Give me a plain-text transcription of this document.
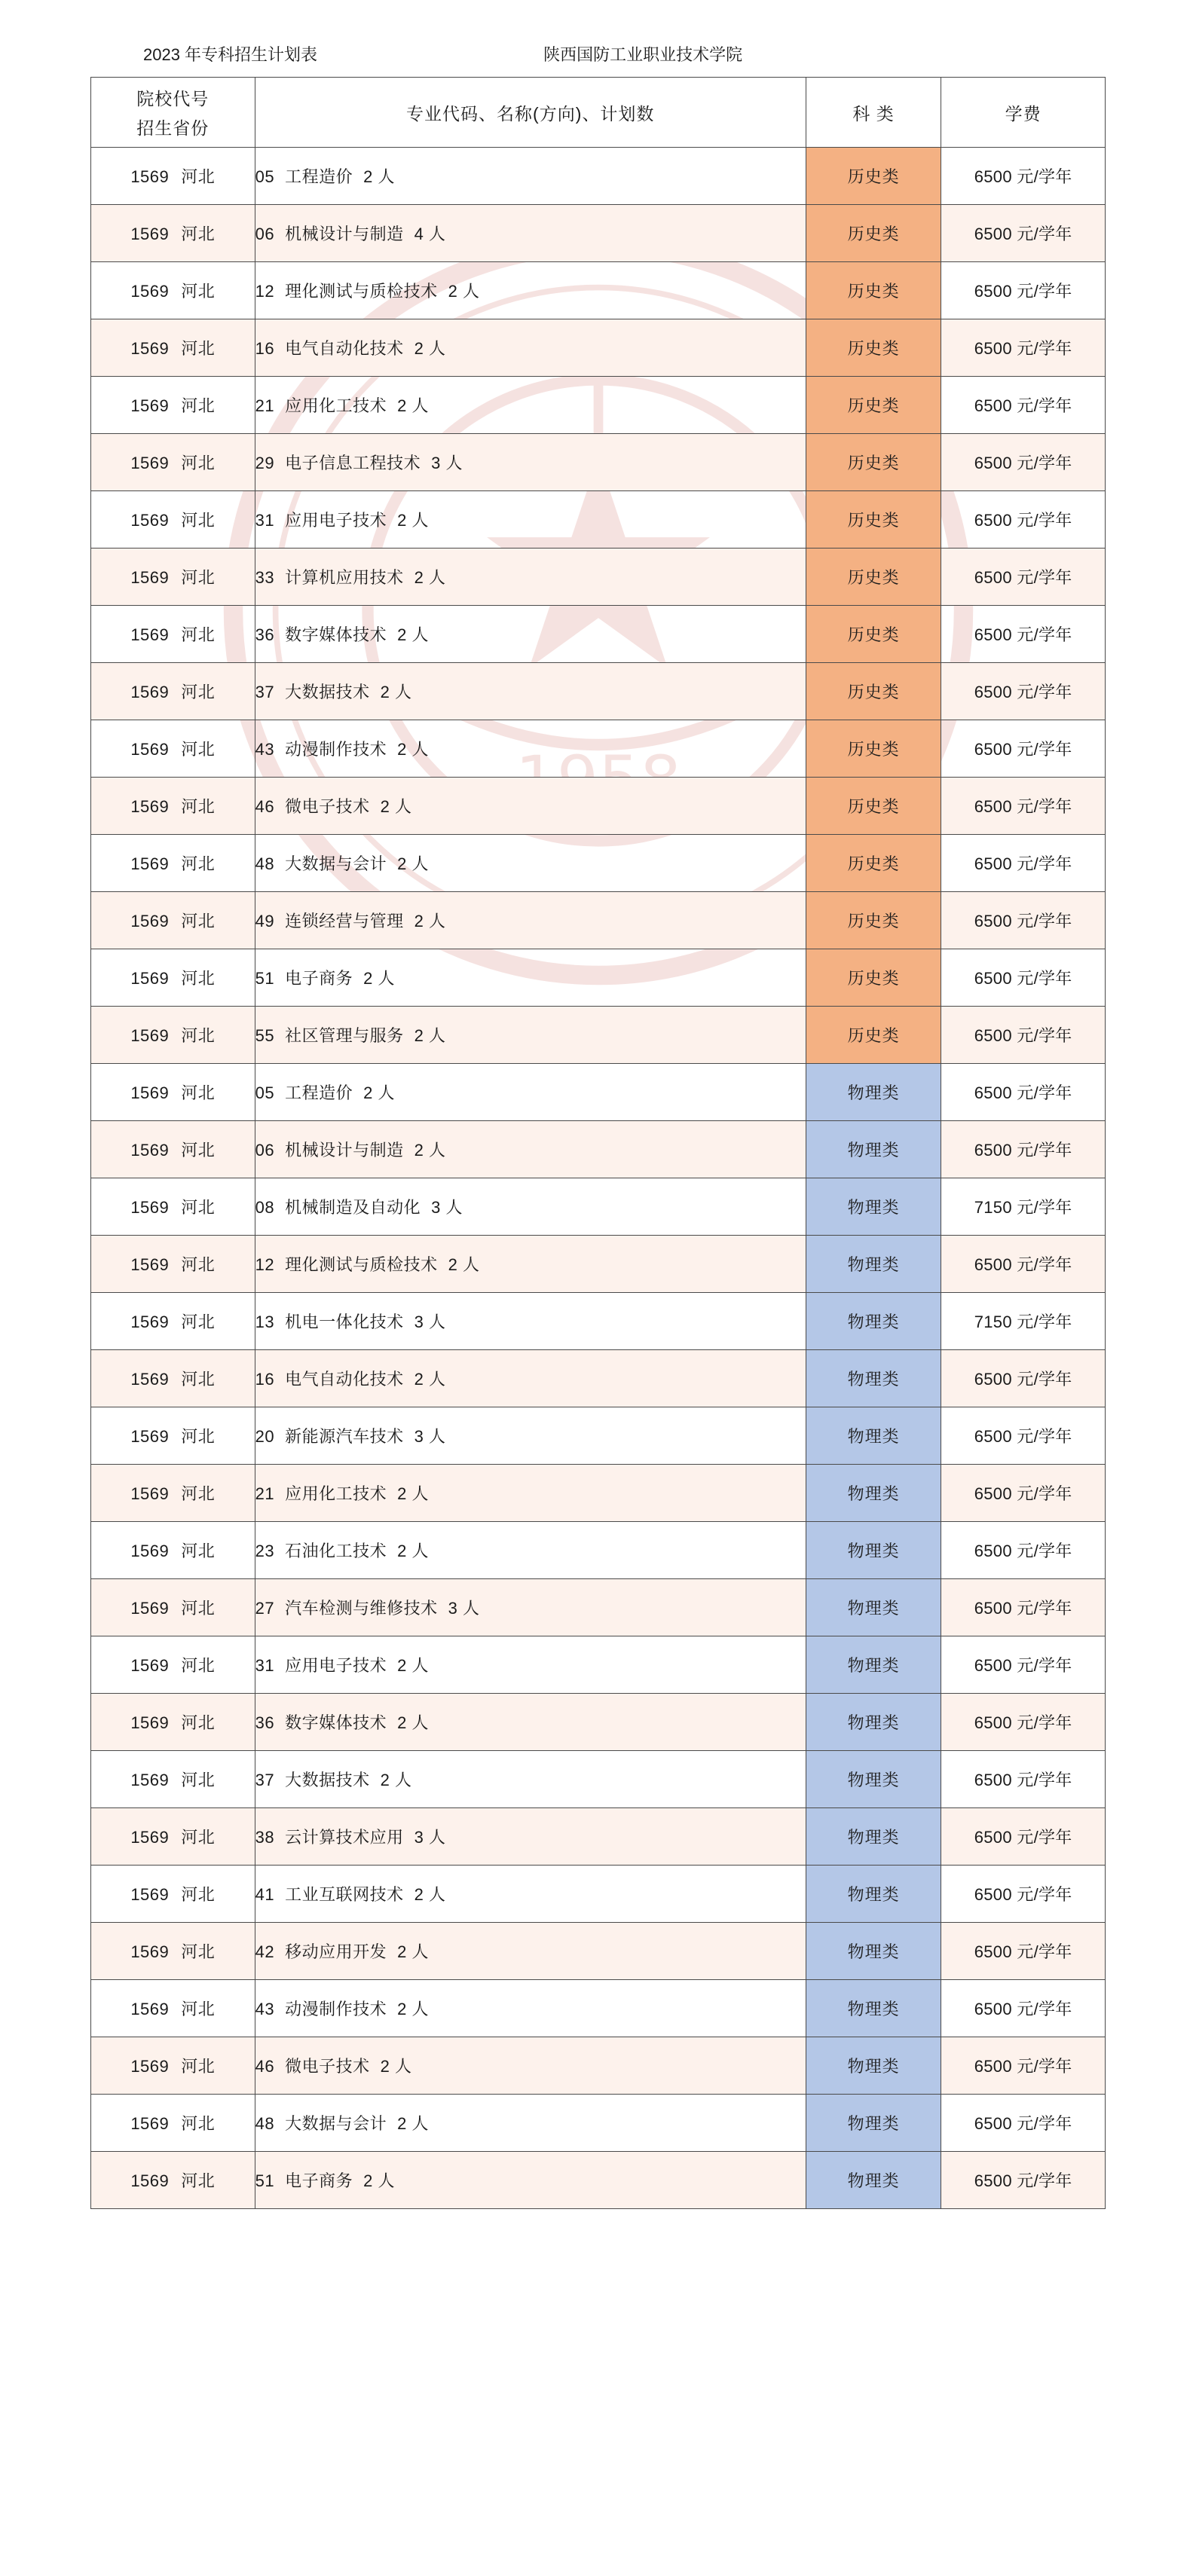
2023 年专科招生计划表	陕西国防工业职业技术学院
院校代号
招生省份	专业代码、名称(方向)、计划数	科 类	学费

1569 河北	05 工程造价 2 人	历史类	6500 元/学年
1569 河北	06 机械设计与制造 4 人	历史类	6500 元/学年
1569 河北	12 理化测试与质检技术 2 人	历史类	6500 元/学年
1569 河北	16 电气自动化技术 2 人	历史类	6500 元/学年
1569 河北	21 应用化工技术 2 人	历史类	6500 元/学年
1569 河北	29 电子信息工程技术 3 人	历史类	6500 元/学年
1569 河北	31 应用电子技术 2 人	历史类	6500 元/学年
1569 河北	33 计算机应用技术 2 人	历史类	6500 元/学年
1569 河北	36 数字媒体技术 2 人	历史类	6500 元/学年
1569 河北	37 大数据技术 2 人	历史类	6500 元/学年
1569 河北	43 动漫制作技术 2 人	历史类	6500 元/学年
1569 河北	46 微电子技术 2 人	历史类	6500 元/学年
1569 河北	48 大数据与会计 2 人	历史类	6500 元/学年
1569 河北	49 连锁经营与管理 2 人	历史类	6500 元/学年
1569 河北	51 电子商务 2 人	历史类	6500 元/学年
1569 河北	55 社区管理与服务 2 人	历史类	6500 元/学年
1569 河北	05 工程造价 2 人	物理类	6500 元/学年
1569 河北	06 机械设计与制造 2 人	物理类	6500 元/学年
1569 河北	08 机械制造及自动化 3 人	物理类	7150 元/学年
1569 河北	12 理化测试与质检技术 2 人	物理类	6500 元/学年
1569 河北	13 机电一体化技术 3 人	物理类	7150 元/学年
1569 河北	16 电气自动化技术 2 人	物理类	6500 元/学年
1569 河北	20 新能源汽车技术 3 人	物理类	6500 元/学年
1569 河北	21 应用化工技术 2 人	物理类	6500 元/学年
1569 河北	23 石油化工技术 2 人	物理类	6500 元/学年
1569 河北	27 汽车检测与维修技术 3 人	物理类	6500 元/学年
1569 河北	31 应用电子技术 2 人	物理类	6500 元/学年
1569 河北	36 数字媒体技术 2 人	物理类	6500 元/学年
1569 河北	37 大数据技术 2 人	物理类	6500 元/学年
1569 河北	38 云计算技术应用 3 人	物理类	6500 元/学年
1569 河北	41 工业互联网技术 2 人	物理类	6500 元/学年
1569 河北	42 移动应用开发 2 人	物理类	6500 元/学年
1569 河北	43 动漫制作技术 2 人	物理类	6500 元/学年
1569 河北	46 微电子技术 2 人	物理类	6500 元/学年
1569 河北	48 大数据与会计 2 人	物理类	6500 元/学年
1569 河北	51 电子商务 2 人	物理类	6500 元/学年
